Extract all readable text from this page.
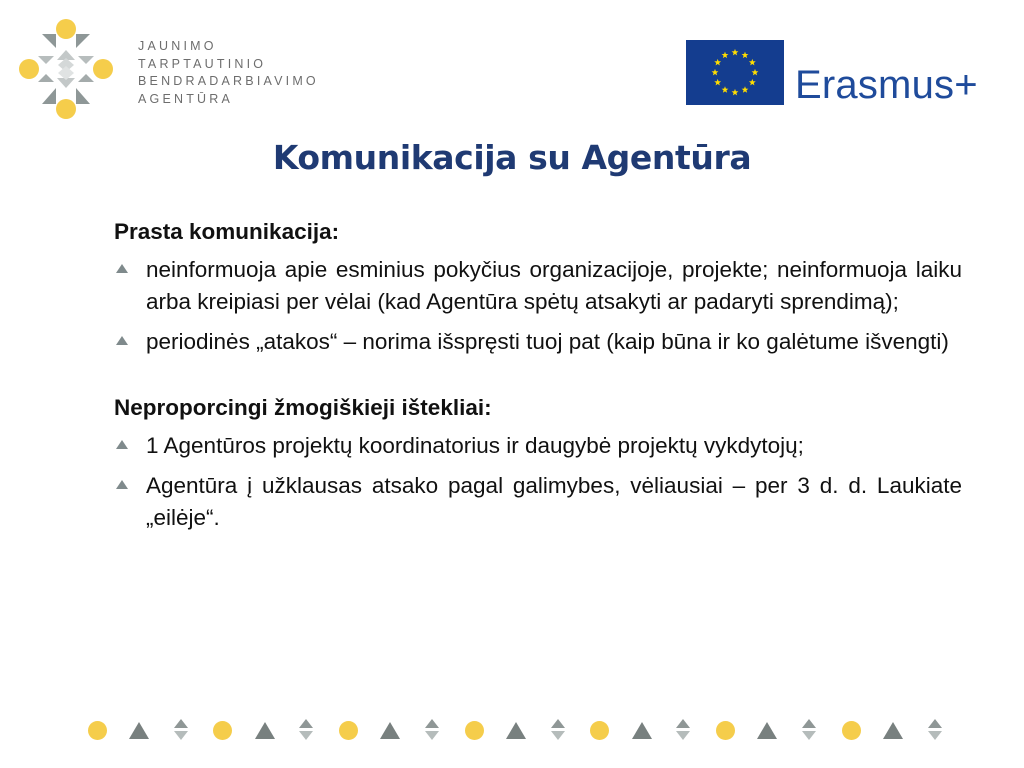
JAUNIMO
TARPTAUTINIO
BENDRADARBIAVIMO
AGENTŪRA	Erasmus+
Komunikacija su Agentūra
Prasta komunikacija:
neinformuoja apie esminius pokyčius organizacijoje, projekte; neinformuoja laiku arba kreipiasi per vėlai (kad Agentūra spėtų atsakyti ar padaryti sprendimą);
periodinės „atakos“ – norima išspręsti tuoj pat (kaip būna ir ko galėtume išvengti)
Neproporcingi žmogiškieji ištekliai:
1 Agentūros projektų koordinatorius ir daugybė projektų vykdytojų;
Agentūra į užklausas atsako pagal galimybes, vėliausiai – per 3 d. d. Laukiate „eilėje“.
